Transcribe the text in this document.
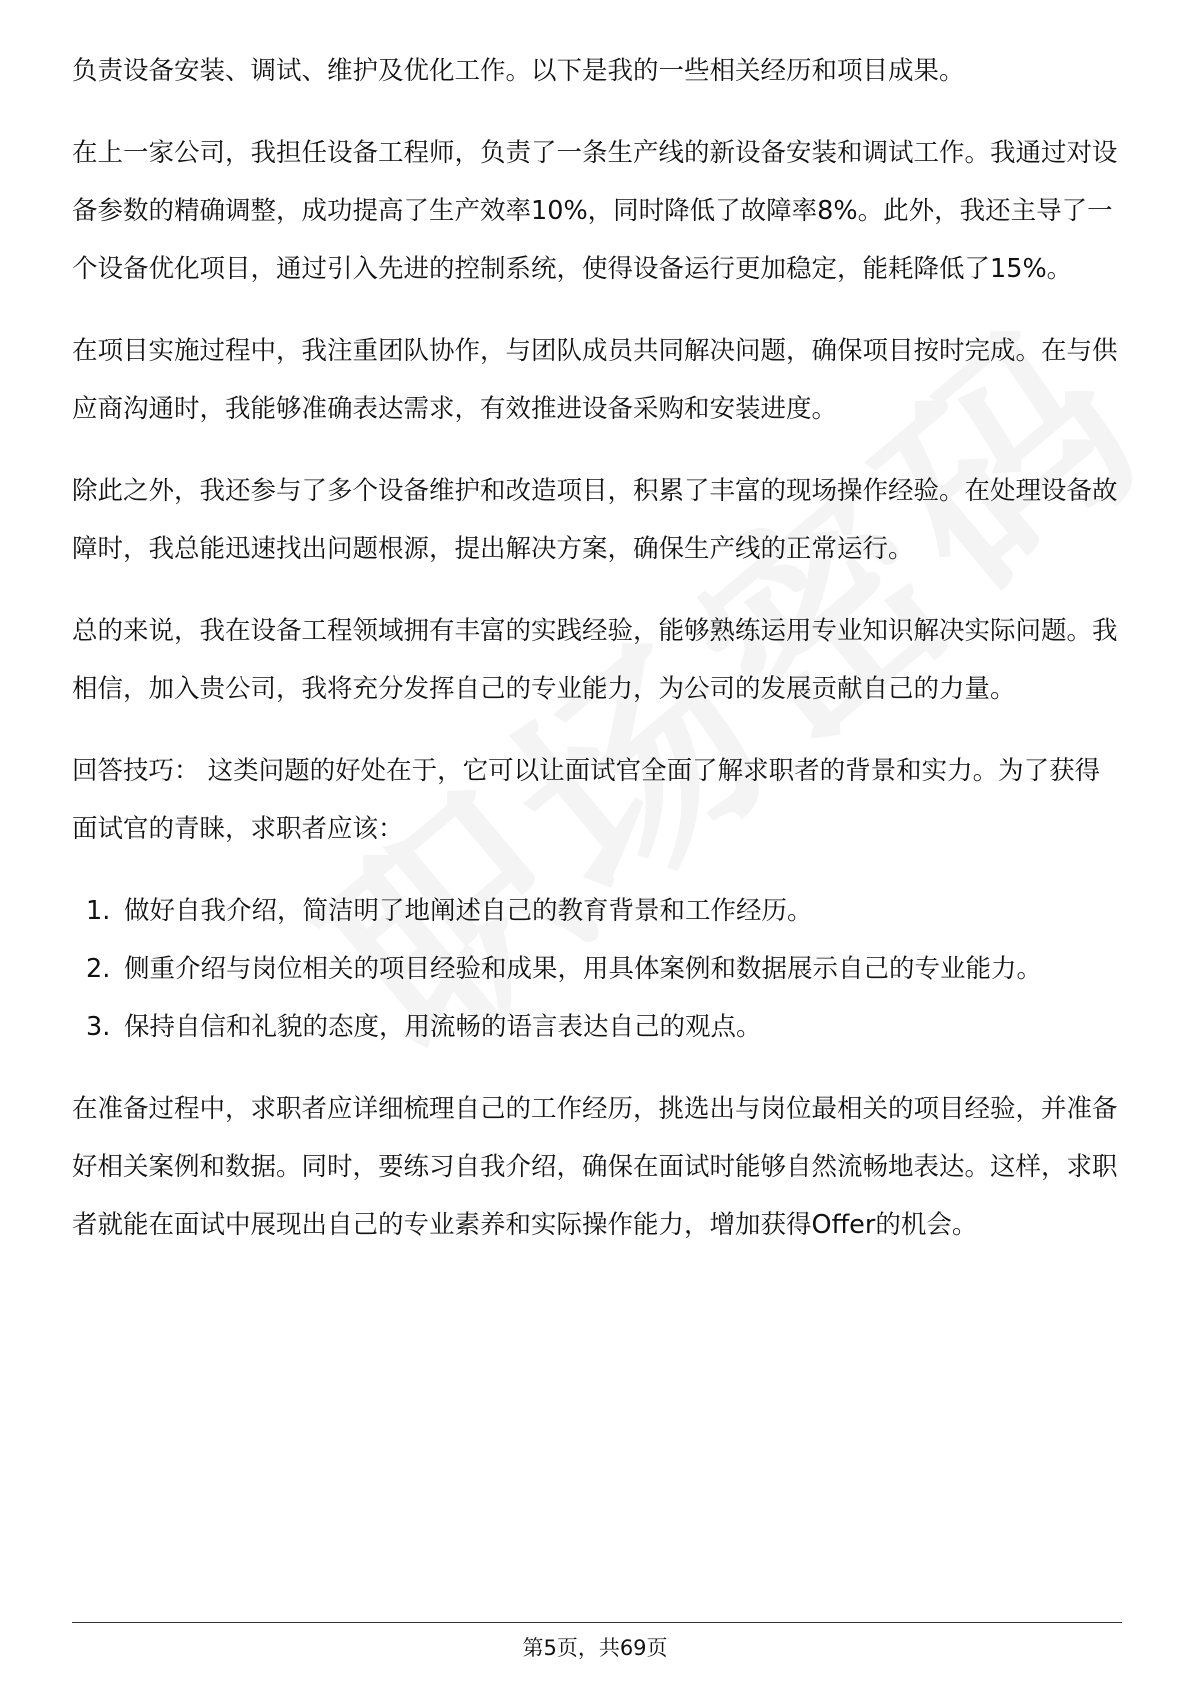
负责设备安装、调试、维护及优化工作。以下是我的一些相关经历和项目成果。

在上一家公司，我担任设备工程师，负责了一条生产线的新设备安装和调试工作。我通过对设备参数的精确调整，成功提高了生产效率10%，同时降低了故障率8%。此外，我还主导了一个设备优化项目，通过引入先进的控制系统，使得设备运行更加稳定，能耗降低了15%。

在项目实施过程中，我注重团队协作，与团队成员共同解决问题，确保项目按时完成。在与供应商沟通时，我能够准确表达需求，有效推进设备采购和安装进度。

除此之外，我还参与了多个设备维护和改造项目，积累了丰富的现场操作经验。在处理设备故障时，我总能迅速找出问题根源，提出解决方案，确保生产线的正常运行。

总的来说，我在设备工程领域拥有丰富的实践经验，能够熟练运用专业知识解决实际问题。我相信，加入贵公司，我将充分发挥自己的专业能力，为公司的发展贡献自己的力量。

回答技巧： 这类问题的好处在于，它可以让面试官全面了解求职者的背景和实力。为了获得面试官的青睐，求职者应该：

1. 做好自我介绍，简洁明了地阐述自己的教育背景和工作经历。
2. 侧重介绍与岗位相关的项目经验和成果，用具体案例和数据展示自己的专业能力。
3. 保持自信和礼貌的态度，用流畅的语言表达自己的观点。

在准备过程中，求职者应详细梳理自己的工作经历，挑选出与岗位最相关的项目经验，并准备好相关案例和数据。同时，要练习自我介绍，确保在面试时能够自然流畅地表达。这样，求职者就能在面试中展现出自己的专业素养和实际操作能力，增加获得Offer的机会。

第5页，共69页
